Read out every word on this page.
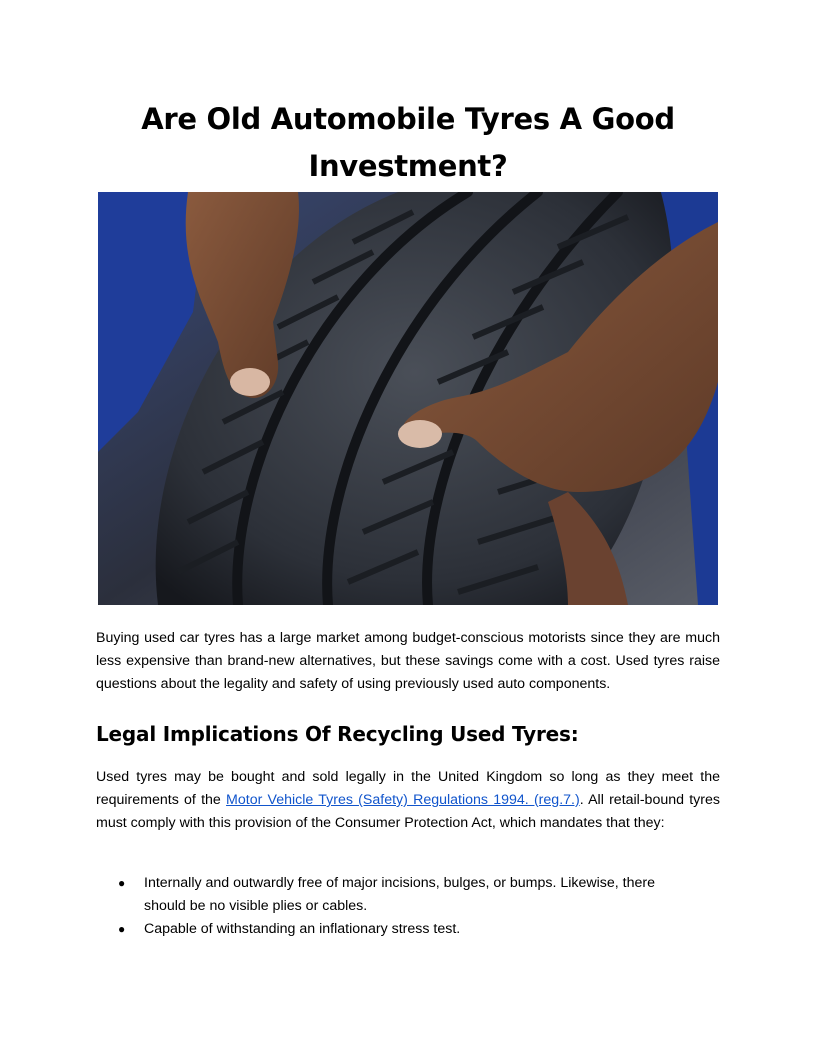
Are Old Automobile Tyres A Good Investment?

Buying used car tyres has a large market among budget-conscious motorists since they are much less expensive than brand-new alternatives, but these savings come with a cost. Used tyres raise questions about the legality and safety of using previously used auto components.

Legal Implications Of Recycling Used Tyres:

Used tyres may be bought and sold legally in the United Kingdom so long as they meet the requirements of the Motor Vehicle Tyres (Safety) Regulations 1994. (reg.7.). All retail-bound tyres must comply with this provision of the Consumer Protection Act, which mandates that they:

● Internally and outwardly free of major incisions, bulges, or bumps. Likewise, there should be no visible plies or cables.
● Capable of withstanding an inflationary stress test.
